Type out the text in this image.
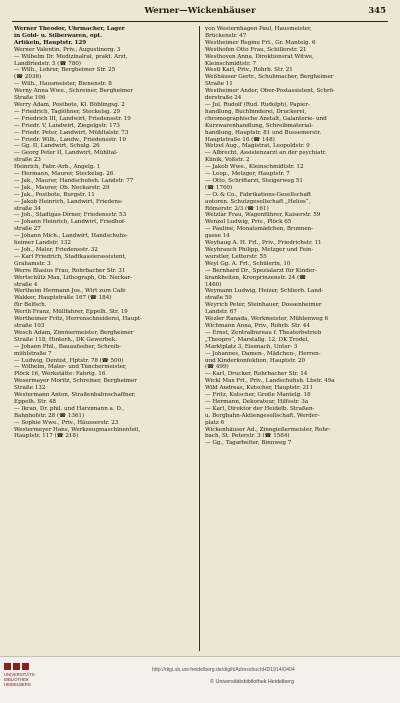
Werner—Wickenhäuser	345
Werner Theodor, Uhrmacher, Lager
in Gold- u. Silberwaren, opt.
Artikeln, Hauptstr. 129
Werner Valentin, Priv., Augustinerg. 3
— Wilhelm Dr. Medizinalrat, prakt. Arzt,
Landfriedstr. 5 (☎ 780)
— Wilh., Lehrer, Bergheimer Str. 25
(☎ 2036)
— Wilh., Hausmeister, Bienenstr. 8
Werny Anna Wwe., Schreiner, Bergheimer
Straße 106
Werry Adam, Postbote, Kl. Böblingsg. 2
— Friedrich, Taglöhner, Steckelsg. 29
— Friedrich III, Landwirt, Friedensstr. 19
— Friedr. V, Landwirt, Ziegelgstr. 173
— Friedr. Peter, Landwirt, Mühltalstr. 73
— Friedr. Wilh., Landw., Friedensstr. 19
— Gg. II, Landwirt, Schulg. 26
— Georg Peter II, Landwirt, Mühltal-
straße 23
Heinrich, Fabr.-Arb., Angelg. 1
— Hermann, Maurer, Steckelsg. 26
— Jak., Maurer, Handschuhsh. Landstr. 77
— Jak., Maurer, Ob. Neckarstr. 29
— Jak., Postbote, Burgstr. 11
— Jakob Heinrich, Landwirt, Friedens-
straße 34
— Joh., Stadtgas-Dirner, Friedensstr. 53
— Johann Heinrich, Landwirt, Friedhof-
straße 27
— Johann Mich., Landwirt, Handschuhs-
heimer Landstr. 132
— Joh., Maler, Friedensstr. 32
— Karl Friedrich, Stadtkassierassistent,
Grahamstr. 3
Werre Blasius Frau, Rohrbacher Str. 31
Wertschütz Max, Lithograph, Ob. Neckar-
straße 4
Wertheim Hermann Jos., Wirt zum Café
Wakker, Hauptstraße 167 (☎ 184)
für Belfsch.
Werth Franz, Müllfahrer, Eppelh. Str. 19
Wertheimer Fritz, Herrenschneiderei, Haupt-
straße 103
Wesch Adam, Zimmermeister, Bergheimer
Straße 118, Hinterh., DK Gewerbek.
— Johann Phil., Bauaufseher, Schreib-
mühlstraße 7
— Ludwig, Dentist, Hptstr. 78 (☎ 500)
— Wilhelm, Maler- und Tünchermeister,
Plöck 16, Werkstätte: Fahrtg. 16
Wesermayer Moritz, Schreiner, Bergheimer
Straße 132
Westermann Anton, Straßenbahnschaffner,
Eppelh. Str. 48
— Ikran, Dr. phil. und Harzimann a. D.,
Bahnhofstr. 28 (☎ 1361)
— Sophie Wwe., Priv., Häusserstr. 23
Westermeyer Hans, Werkzeugmaschinenteil,
Hauptstr. 117 (☎ 218)
von Westernhagen Paul, Hausmeister,
Brückenstr. 47
Westheimer Regine Frl., Gr. Mantelg. 6
Westhofen Otto Frau, Schillerstr. 21
Westhoven Anna, Direktionsrat Witwe,
Kleinschmidtstr. 7
Westl Karl, Priv., Rohrb. Str. 21
Weßhäuser Gertr., Schuhmacher, Bergheimer
Straße 11
Westheimer Ander, Ober-Postassistent, Schrö-
derstraße 24
— Jul. Rudolf (Rud. Rudolph), Papier-
handlung, Buchbinderei, Druckerei,
chromographische Anstalt, Galanterie- und
Kurzwarenhandlung, Schreibmaterial-
handlung, Hauptstr. 81 und Bussemerstr.
Hauptstraße 16 (☎ 148)
Wetzel Aug., Magistrat, Leopoldstr. 9
— Albrecht, Assistenzarzt an der psychiatr.
Klinik, Voßstr. 2
— Jakob Wwe., Kleinschmidtstr. 12
— Leop., Metzger, Hauptstr. 7
— Otto, Schriftarzt, Steigerweg 51
(☎ 1760)
— O. & Co., Fabrikations-Gesellschaft
autoren. Schutzgesellschaft „Helios“,
Römerstr. 2/3 (☎ 161)
Wetzlar Frau, Wagenführer, Kaiserstr. 59
Wenzel Ludwig, Priv., Plöck 65
— Pauline, Monatsmädchen, Brunnen-
gasse 14
Weyhaug A. H. Frl., Priv., Friedrichstr. 11
Weyhrauch Philipp, Metzger und Fein-
wurstler, Letterstr. 55
Weyl Gg. A. Frl., Schülerin, 10
— Bernhard Dr., Spezialarzt für Kinder-
krankheiten, Kronprinzenstr. 24 (☎
1460)
Weymann Ludwig, Heizer, Schlierb. Land-
straße 59
Weyrich Peter, Steinhauer, Dossenheimer
Landstr. 67
Wezler Ranada, Werkmeister, Mühlenweg 6
Wichmann Anna, Priv., Rohrb. Str. 44
— Ernst, Zentralbureau f. Theaterbetrieb
„Theopro“, Marstallg. 12, DK Trodel,
Marktplatz 3, Eisenach, Unter- 3
— Johannes, Damen-, Mädchen-, Herren-
und Kinderkonfektion, Hauptstr. 20
(☎ 499)
— Karl, Drucker, Rohrbacher Str. 14
Wickl Max Frl., Priv., Landschuhsh. Lbstr. 49a
Wild Andreas, Kutscher, Hauptstr. 211
— Fritz, Kutscher, Große Mantelg. 18
— Hermann, Dekorateur, Hilfsstr. 3a
— Karl, Direktor der Heidelb. Straßen-
u. Bergbahn-Aktiengesellschaft, Werder-
platz 6
Wickenhäuser Ad., Zinngießermeister, Rohr-
bach, St. Peterstr. 3 (☎ 1584)
— Gg., Tagarbeiter, Binnweg 7
UNIVERSITÄTS-
BIBLIOTHEK
HEIDELBERG
http://digi.ub.uni-heidelberg.de/diglit/AdressbuchHD1914/0404
© Universitätsbibliothek Heidelberg
